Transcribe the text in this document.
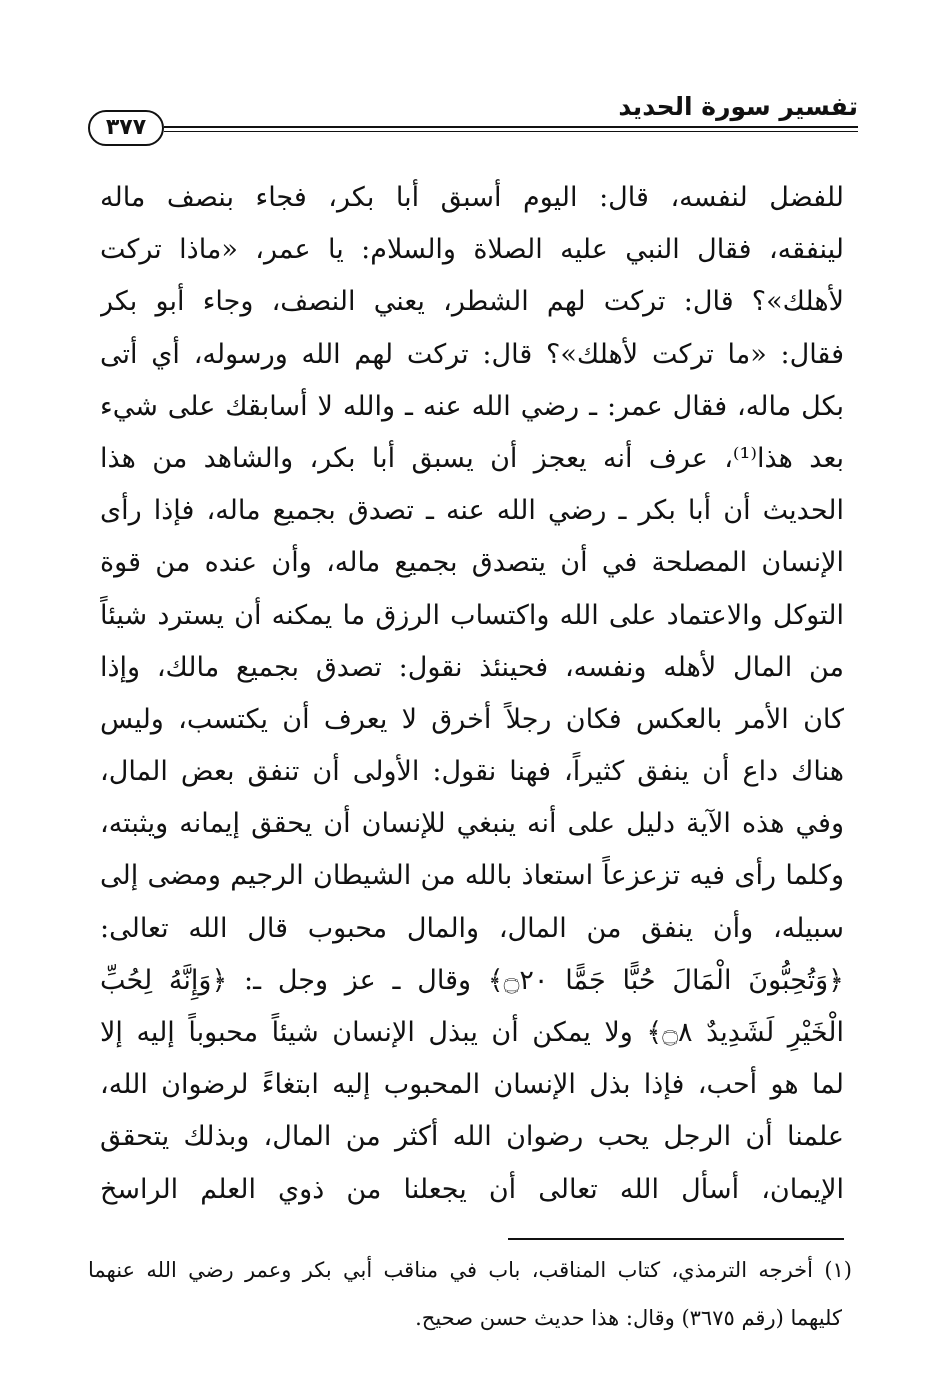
تفسير سورة الحديد
٣٧٧
للفضل لنفسه، قال: اليوم أسبق أبا بكر، فجاء بنصف ماله
لينفقه، فقال النبي عليه الصلاة والسلام: يا عمر، «ماذا تركت
لأهلك»؟ قال: تركت لهم الشطر، يعني النصف، وجاء أبو بكر
فقال: «ما تركت لأهلك»؟ قال: تركت لهم الله ورسوله، أي أتى
بكل ماله، فقال عمر: ـ رضي الله عنه ـ والله لا أسابقك على شيء
بعد هذا⁽¹⁾، عرف أنه يعجز أن يسبق أبا بكر، والشاهد من هذا
الحديث أن أبا بكر ـ رضي الله عنه ـ تصدق بجميع ماله، فإذا رأى
الإنسان المصلحة في أن يتصدق بجميع ماله، وأن عنده من قوة
التوكل والاعتماد على الله واكتساب الرزق ما يمكنه أن يسترد شيئاً
من المال لأهله ونفسه، فحينئذ نقول: تصدق بجميع مالك، وإذا
كان الأمر بالعكس فكان رجلاً أخرق لا يعرف أن يكتسب، وليس
هناك داع أن ينفق كثيراً، فهنا نقول: الأولى أن تنفق بعض المال،
وفي هذه الآية دليل على أنه ينبغي للإنسان أن يحقق إيمانه ويثبته،
وكلما رأى فيه تزعزعاً استعاذ بالله من الشيطان الرجيم ومضى إلى
سبيله، وأن ينفق من المال، والمال محبوب قال الله تعالى:
﴿وَتُحِبُّونَ الْمَالَ حُبًّا جَمًّا ۝٢٠﴾ وقال ـ عز وجل ـ: ﴿وَإِنَّهُ لِحُبِّ
الْخَيْرِ لَشَدِيدٌ ۝٨﴾ ولا يمكن أن يبذل الإنسان شيئاً محبوباً إليه إلا
لما هو أحب، فإذا بذل الإنسان المحبوب إليه ابتغاءً لرضوان الله،
علمنا أن الرجل يحب رضوان الله أكثر من المال، وبذلك يتحقق
الإيمان، أسأل الله تعالى أن يجعلنا من ذوي العلم الراسخ
(١) أخرجه الترمذي، كتاب المناقب، باب في مناقب أبي بكر وعمر رضي الله عنهما
كليهما (رقم ٣٦٧٥) وقال: هذا حديث حسن صحيح.
